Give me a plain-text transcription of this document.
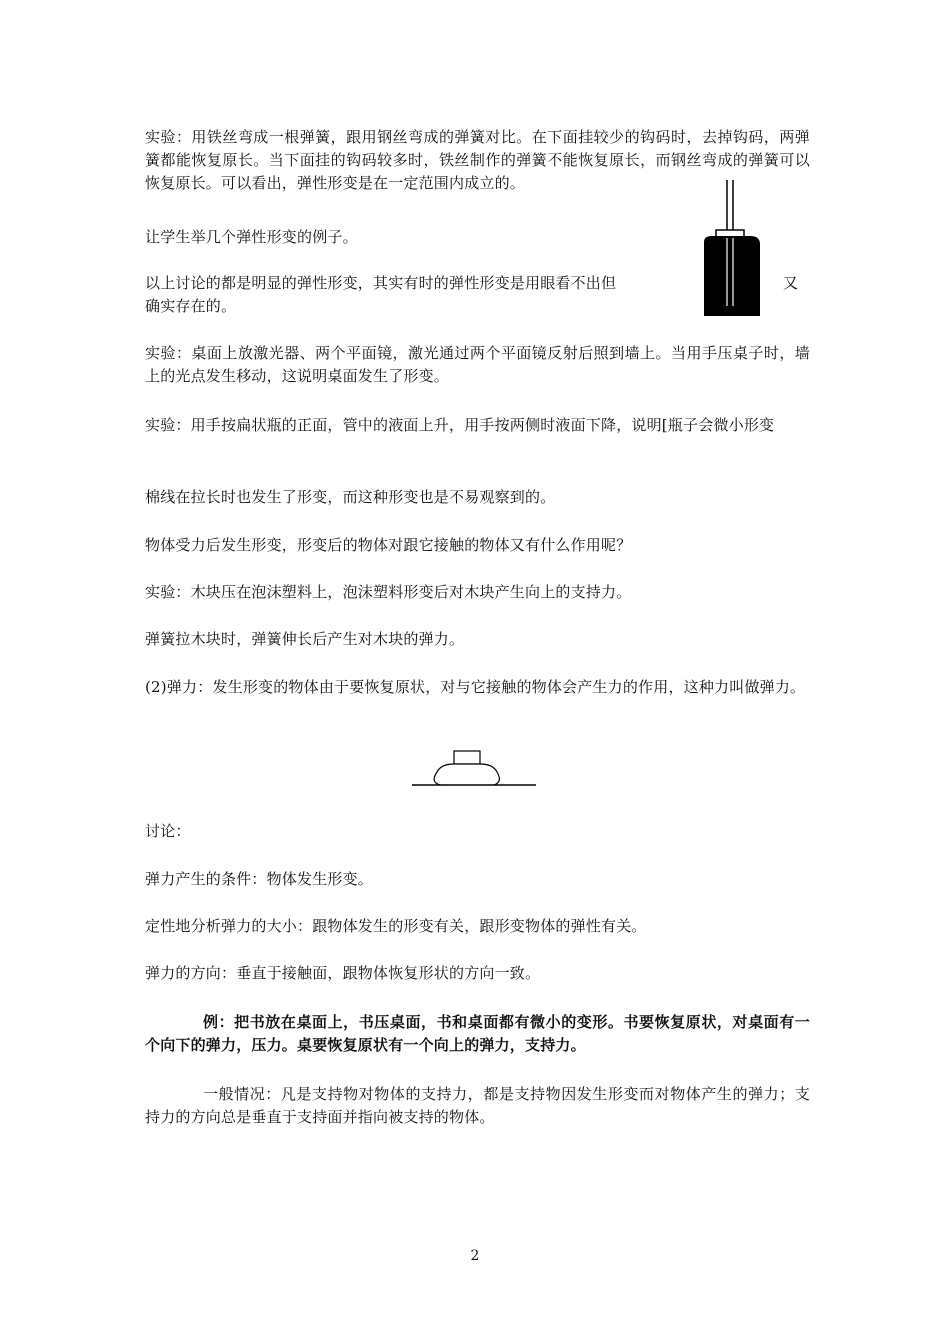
实验：用铁丝弯成一根弹簧，跟用钢丝弯成的弹簧对比。在下面挂较少的钩码时，去掉钩码，两弹簧都能恢复原长。当下面挂的钩码较多时，铁丝制作的弹簧不能恢复原长，而钢丝弯成的弹簧可以恢复原长。可以看出，弹性形变是在一定范围内成立的。

让学生举几个弹性形变的例子。

以上讨论的都是明显的弹性形变，其实有时的弹性形变是用眼看不出但	又

确实存在的。

实验：桌面上放激光器、两个平面镜，激光通过两个平面镜反射后照到墙上。当用手压桌子时，墙上的光点发生移动，这说明桌面发生了形变。

实验：用手按扁状瓶的正面，管中的液面上升，用手按两侧时液面下降，说明[瓶子会微小形变

棉线在拉长时也发生了形变，而这种形变也是不易观察到的。

物体受力后发生形变，形变后的物体对跟它接触的物体又有什么作用呢？

实验：木块压在泡沫塑料上，泡沫塑料形变后对木块产生向上的支持力。

弹簧拉木块时，弹簧伸长后产生对木块的弹力。

(2)弹力：发生形变的物体由于要恢复原状，对与它接触的物体会产生力的作用，这种力叫做弹力。

讨论：

弹力产生的条件：物体发生形变。

定性地分析弹力的大小：跟物体发生的形变有关，跟形变物体的弹性有关。

弹力的方向：垂直于接触面，跟物体恢复形状的方向一致。

例：把书放在桌面上，书压桌面，书和桌面都有微小的变形。书要恢复原状，对桌面有一个向下的弹力，压力。桌要恢复原状有一个向上的弹力，支持力。

一般情况：凡是支持物对物体的支持力，都是支持物因发生形变而对物体产生的弹力；支持力的方向总是垂直于支持面并指向被支持的物体。

2
